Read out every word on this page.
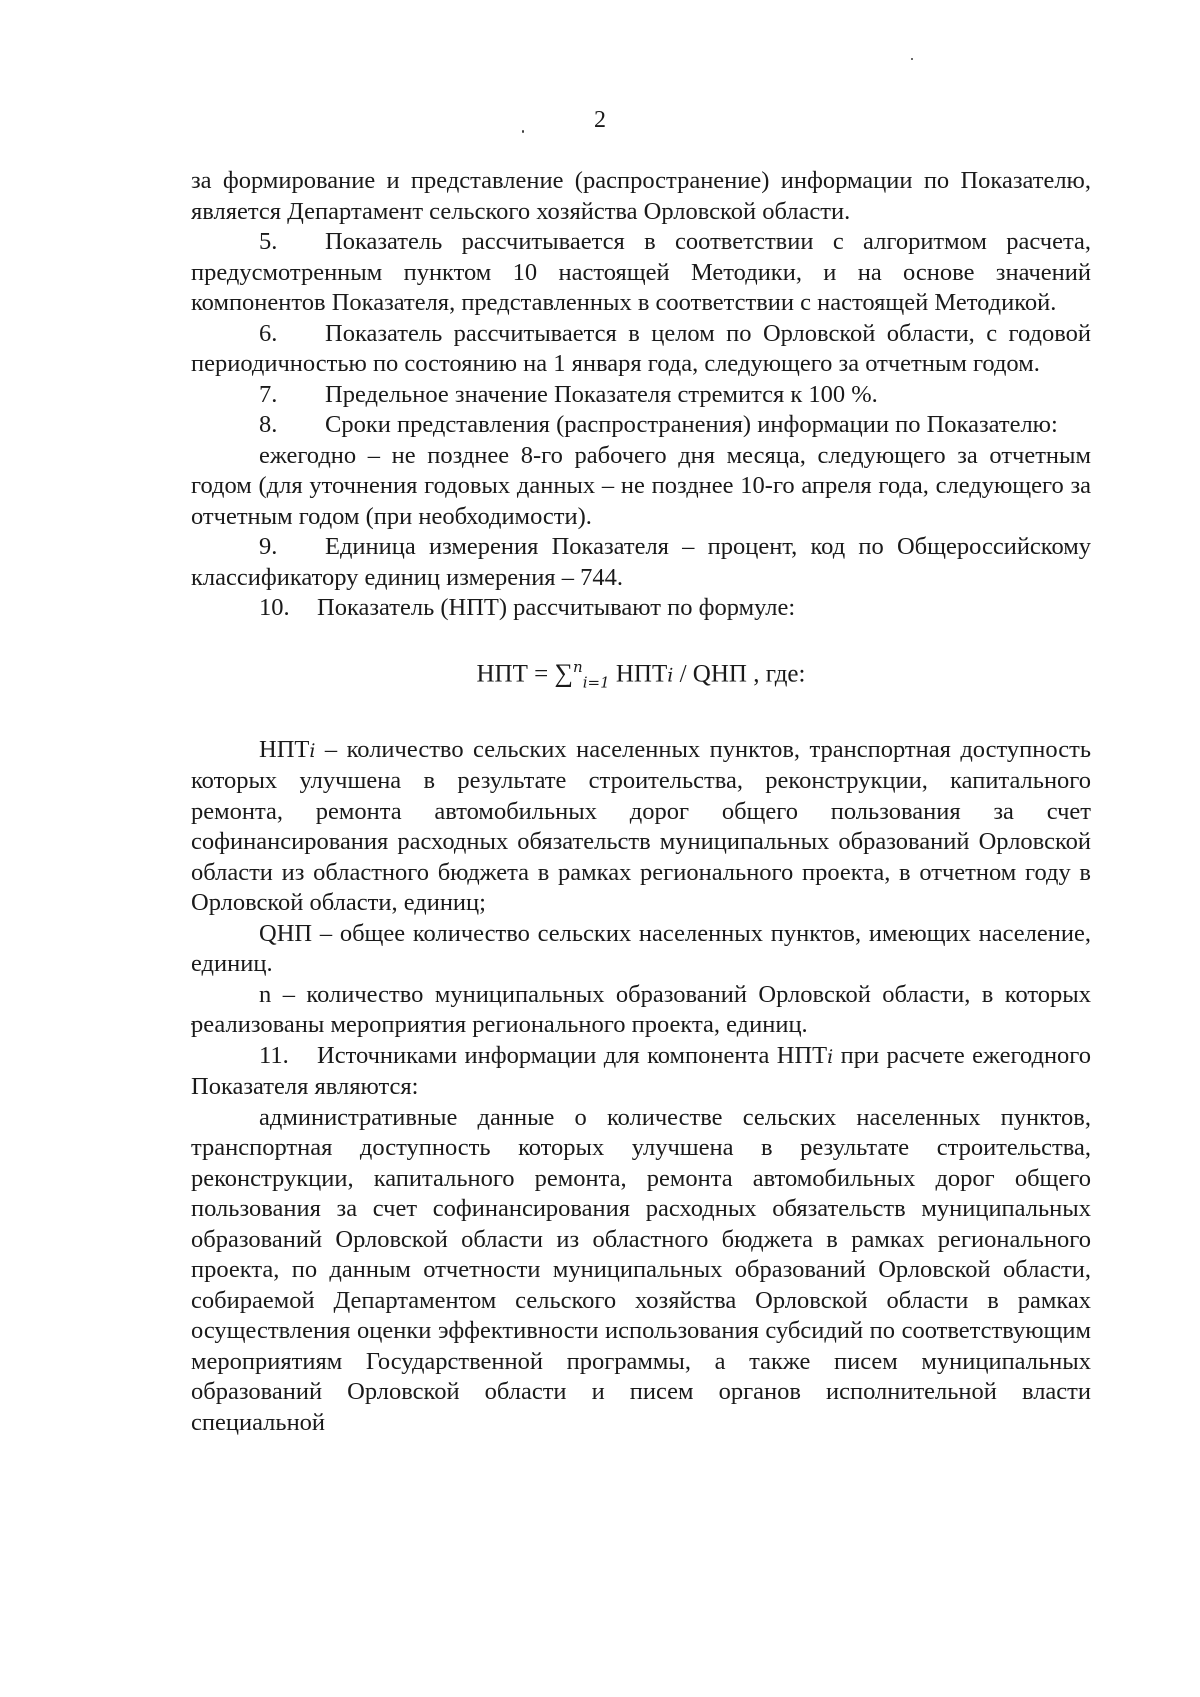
2

за формирование и представление (распространение) информации по Показателю, является Департамент сельского хозяйства Орловской области.

5. Показатель рассчитывается в соответствии с алгоритмом расчета, предусмотренным пунктом 10 настоящей Методики, и на основе значений компонентов Показателя, представленных в соответствии с настоящей Методикой.

6. Показатель рассчитывается в целом по Орловской области, с годовой периодичностью по состоянию на 1 января года, следующего за отчетным годом.

7. Предельное значение Показателя стремится к 100 %.

8. Сроки представления (распространения) информации по Показателю:

ежегодно – не позднее 8-го рабочего дня месяца, следующего за отчетным годом (для уточнения годовых данных – не позднее 10-го апреля года, следующего за отчетным годом (при необходимости).

9. Единица измерения Показателя – процент, код по Общероссийскому классификатору единиц измерения – 744.

10. Показатель (НПТ) рассчитывают по формуле:

НПТ = ∑$^n_{i=1}$ НПТi / QНП , где:

НПТi – количество сельских населенных пунктов, транспортная доступность которых улучшена в результате строительства, реконструкции, капитального ремонта, ремонта автомобильных дорог общего пользования за счет софинансирования расходных обязательств муниципальных образований Орловской области из областного бюджета в рамках регионального проекта, в отчетном году в Орловской области, единиц;

QНП – общее количество сельских населенных пунктов, имеющих население, единиц.

n – количество муниципальных образований Орловской области, в которых реализованы мероприятия регионального проекта, единиц.

11. Источниками информации для компонента НПТi при расчете ежегодного Показателя являются:

административные данные о количестве сельских населенных пунктов, транспортная доступность которых улучшена в результате строительства, реконструкции, капитального ремонта, ремонта автомобильных дорог общего пользования за счет софинансирования расходных обязательств муниципальных образований Орловской области из областного бюджета в рамках регионального проекта, по данным отчетности муниципальных образований Орловской области, собираемой Департаментом сельского хозяйства Орловской области в рамках осуществления оценки эффективности использования субсидий по соответствующим мероприятиям Государственной программы, а также писем муниципальных образований Орловской области и писем органов исполнительной власти специальной
